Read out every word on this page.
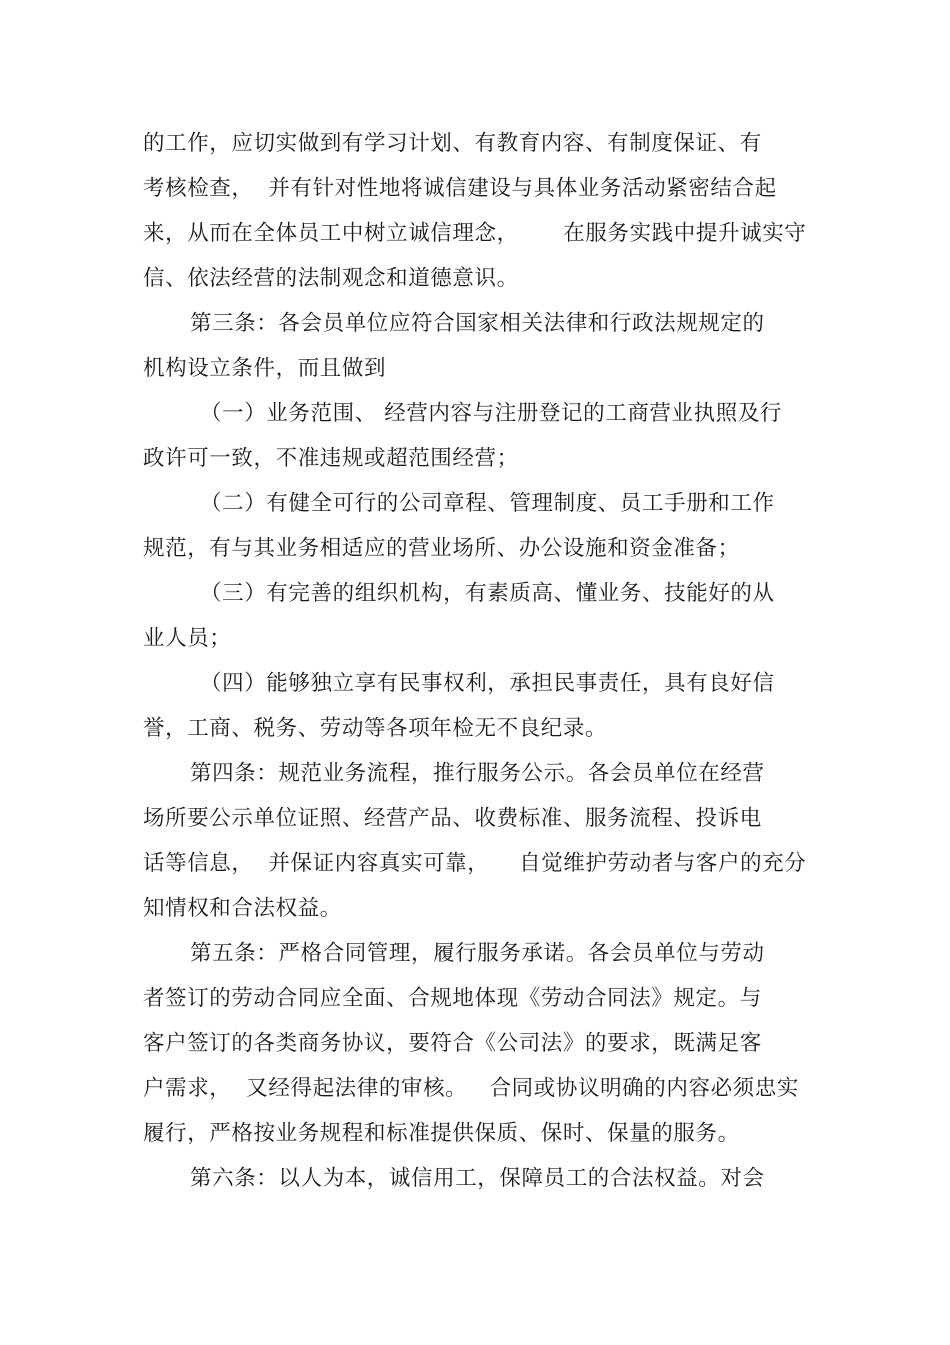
的工作，应切实做到有学习计划、有教育内容、有制度保证、有
考核检查，  并有针对性地将诚信建设与具体业务活动紧密结合起
来，从而在全体员工中树立诚信理念，      在服务实践中提升诚实守
信、依法经营的法制观念和道德意识。
第三条：各会员单位应符合国家相关法律和行政法规规定的
机构设立条件，而且做到
（一）业务范围、 经营内容与注册登记的工商营业执照及行
政许可一致，不准违规或超范围经营；
（二）有健全可行的公司章程、管理制度、员工手册和工作
规范，有与其业务相适应的营业场所、办公设施和资金准备；
（三）有完善的组织机构，有素质高、懂业务、技能好的从
业人员；
（四）能够独立享有民事权利，承担民事责任，具有良好信
誉，工商、税务、劳动等各项年检无不良纪录。
第四条：规范业务流程，推行服务公示。各会员单位在经营
场所要公示单位证照、经营产品、收费标准、服务流程、投诉电
话等信息，  并保证内容真实可靠，    自觉维护劳动者与客户的充分
知情权和合法权益。
第五条：严格合同管理，履行服务承诺。各会员单位与劳动
者签订的劳动合同应全面、合规地体现《劳动合同法》规定。与
客户签订的各类商务协议，要符合《公司法》的要求，既满足客
户需求，  又经得起法律的审核。   合同或协议明确的内容必须忠实
履行，严格按业务规程和标准提供保质、保时、保量的服务。
第六条：以人为本，诚信用工，保障员工的合法权益。对会
